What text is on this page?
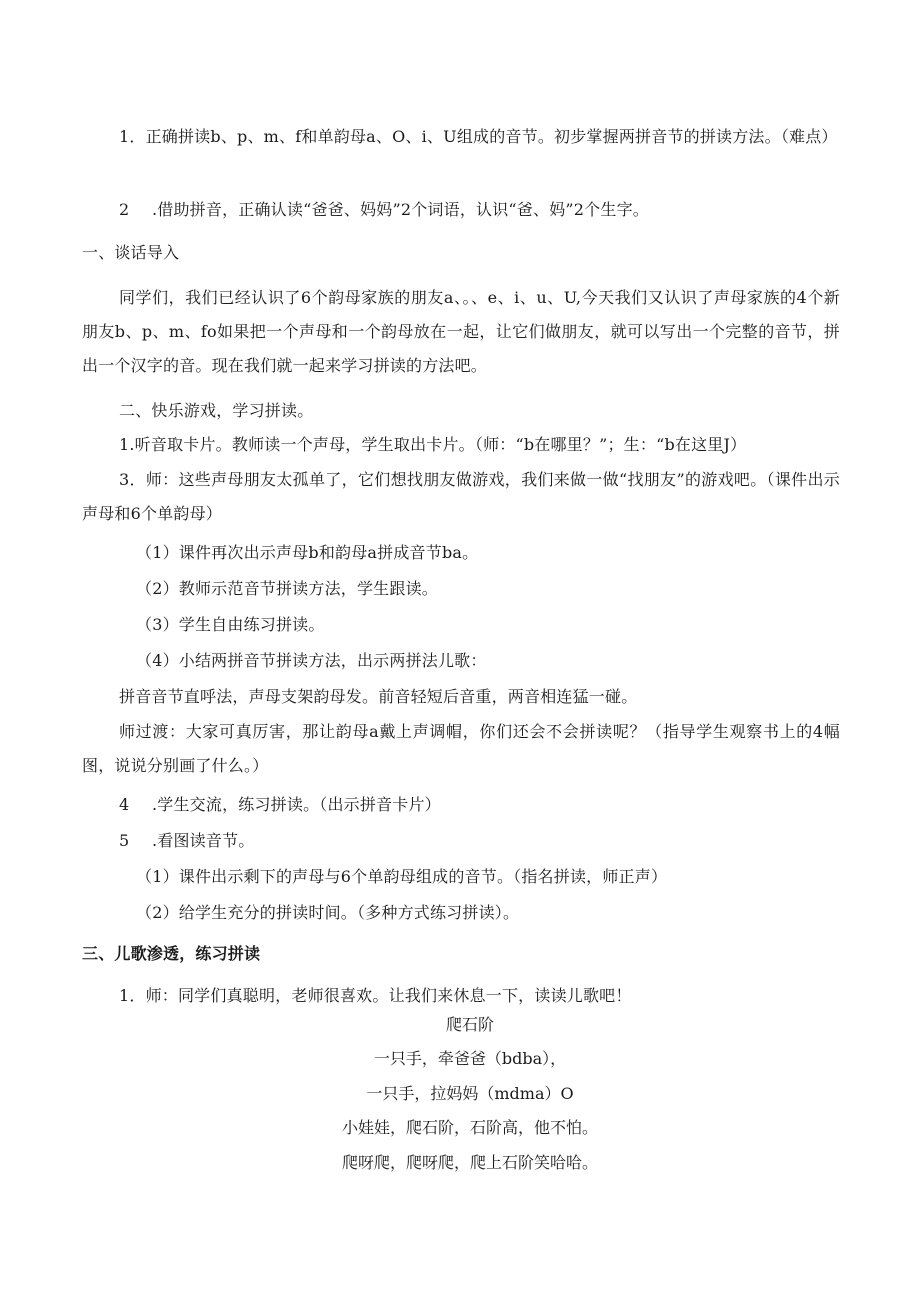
1．正确拼读b、p、m、f和单韵母a、O、i、U组成的音节。初步掌握两拼音节的拼读方法。（难点）
2 .借助拼音，正确认读“爸爸、妈妈”2个词语，认识“爸、妈”2个生字。
一、谈话导入
同学们，我们已经认识了6个韵母家族的朋友a、。、e、i、u、U,今天我们又认识了声母家族的4个新朋友b、p、m、fo如果把一个声母和一个韵母放在一起，让它们做朋友，就可以写出一个完整的音节，拼出一个汉字的音。现在我们就一起来学习拼读的方法吧。
二、快乐游戏，学习拼读。
1.听音取卡片。教师读一个声母，学生取出卡片。（师：“b在哪里？”；生：“b在这里J）
3．师：这些声母朋友太孤单了，它们想找朋友做游戏，我们来做一做“找朋友”的游戏吧。（课件出示声母和6个单韵母）
（1）课件再次出示声母b和韵母a拼成音节ba。
（2）教师示范音节拼读方法，学生跟读。
（3）学生自由练习拼读。
（4）小结两拼音节拼读方法，出示两拼法儿歌：
拼音音节直呼法，声母支架韵母发。前音轻短后音重，两音相连猛一碰。
师过渡：大家可真厉害，那让韵母a戴上声调帽，你们还会不会拼读呢？（指导学生观察书上的4幅图，说说分别画了什么。）
4 .学生交流，练习拼读。（出示拼音卡片）
5 .看图读音节。
（1）课件出示剩下的声母与6个单韵母组成的音节。（指名拼读，师正声）
（2）给学生充分的拼读时间。（多种方式练习拼读）。
三、儿歌渗透，练习拼读
1．师：同学们真聪明，老师很喜欢。让我们来休息一下，读读儿歌吧！
爬石阶
一只手，牵爸爸（bdba），
一只手，拉妈妈（mdma）O
小娃娃，爬石阶，石阶高，他不怕。
爬呀爬，爬呀爬，爬上石阶笑哈哈。
